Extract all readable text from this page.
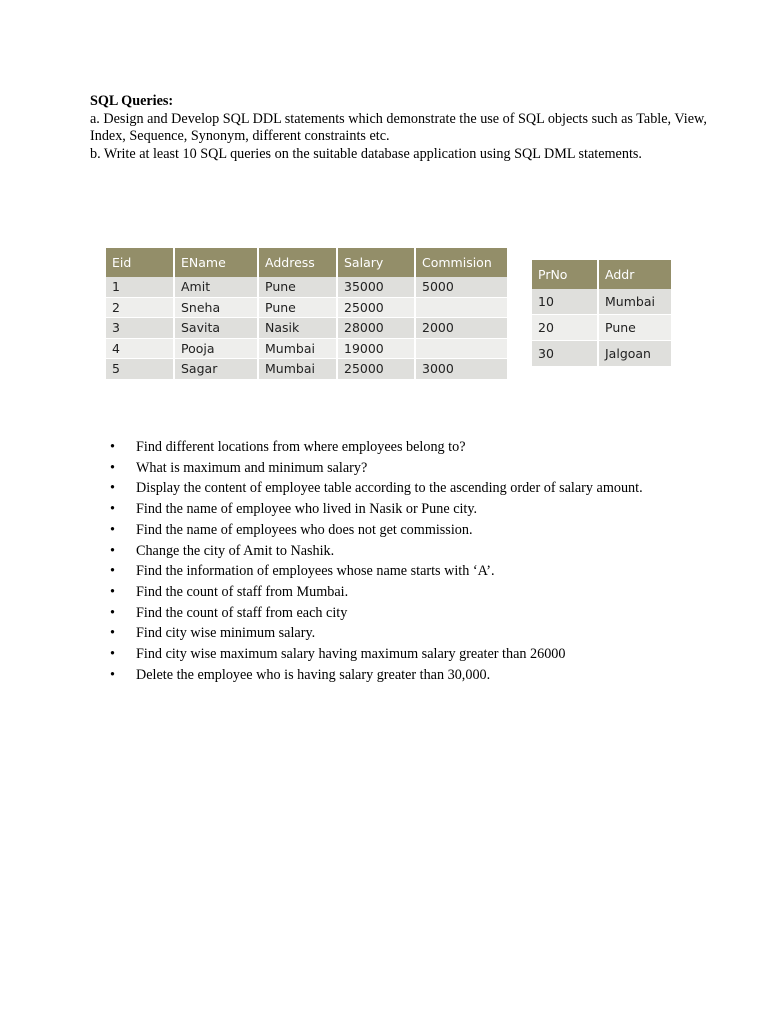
SQL Queries:

a. Design and Develop SQL DDL statements which demonstrate the use of SQL objects such as Table, View, Index, Sequence, Synonym, different constraints etc.

b. Write at least 10 SQL queries on the suitable database application using SQL DML statements.

Eid	EName	Address	Salary	Commision
1	Amit	Pune	35000	5000
2	Sneha	Pune	25000	
3	Savita	Nasik	28000	2000
4	Pooja	Mumbai	19000	
5	Sagar	Mumbai	25000	3000
PrNo	Addr
10	Mumbai
20	Pune
30	Jalgoan
• Find different locations from where employees belong to?
• What is maximum and minimum salary?
• Display the content of employee table according to the ascending order of salary amount.
• Find the name of employee who lived in Nasik or Pune city.
• Find the name of employees who does not get commission.
• Change the city of Amit to Nashik.
• Find the information of employees whose name starts with ‘A’.
• Find the count of staff from Mumbai.
• Find the count of staff from each city
• Find city wise minimum salary.
• Find city wise maximum salary having maximum salary greater than 26000
• Delete the employee who is having salary greater than 30,000.
